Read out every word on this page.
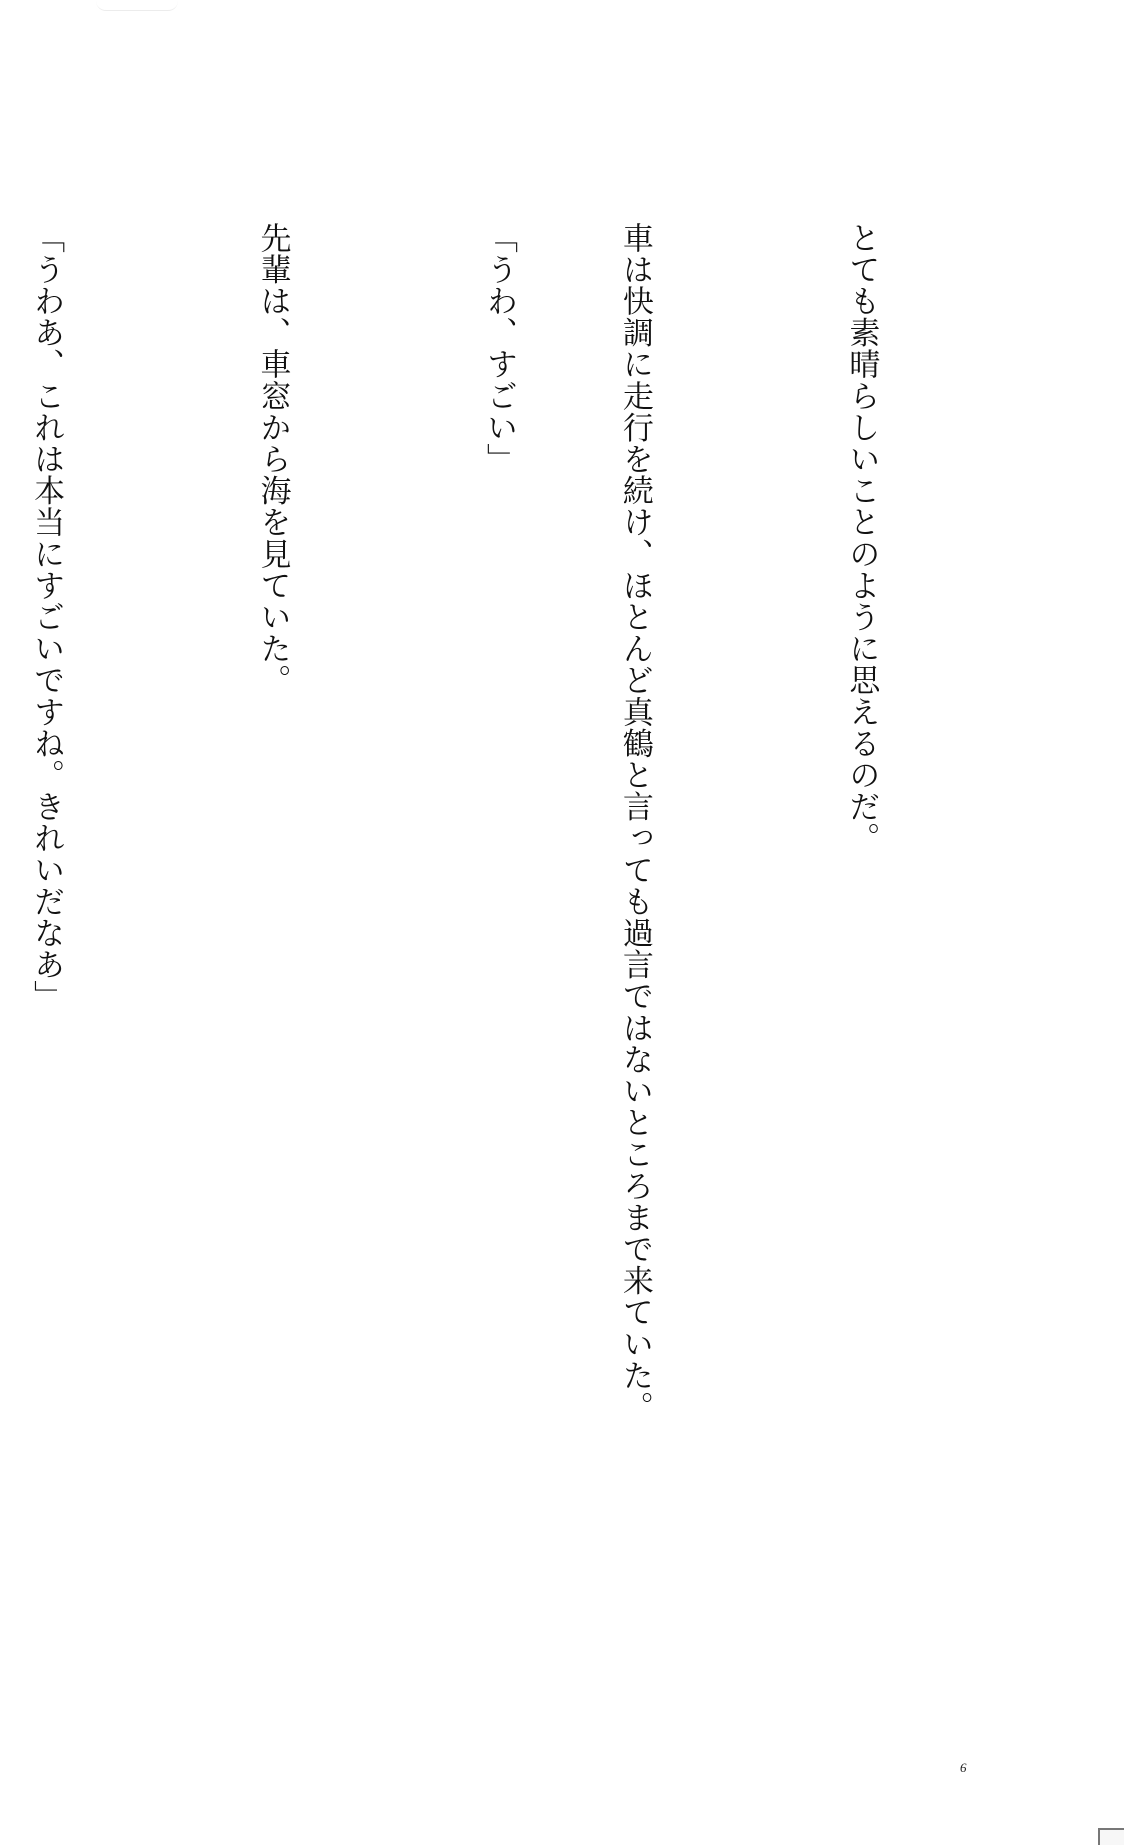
とても素晴らしいことのように思えるのだ。

車は快調に走行を続け、ほとんど真鶴と言っても過言ではないところまで来ていた。

「うわ、すごい」

先輩は、車窓から海を見ていた。

「うわあ、これは本当にすごいですね。きれいだなあ」

6
